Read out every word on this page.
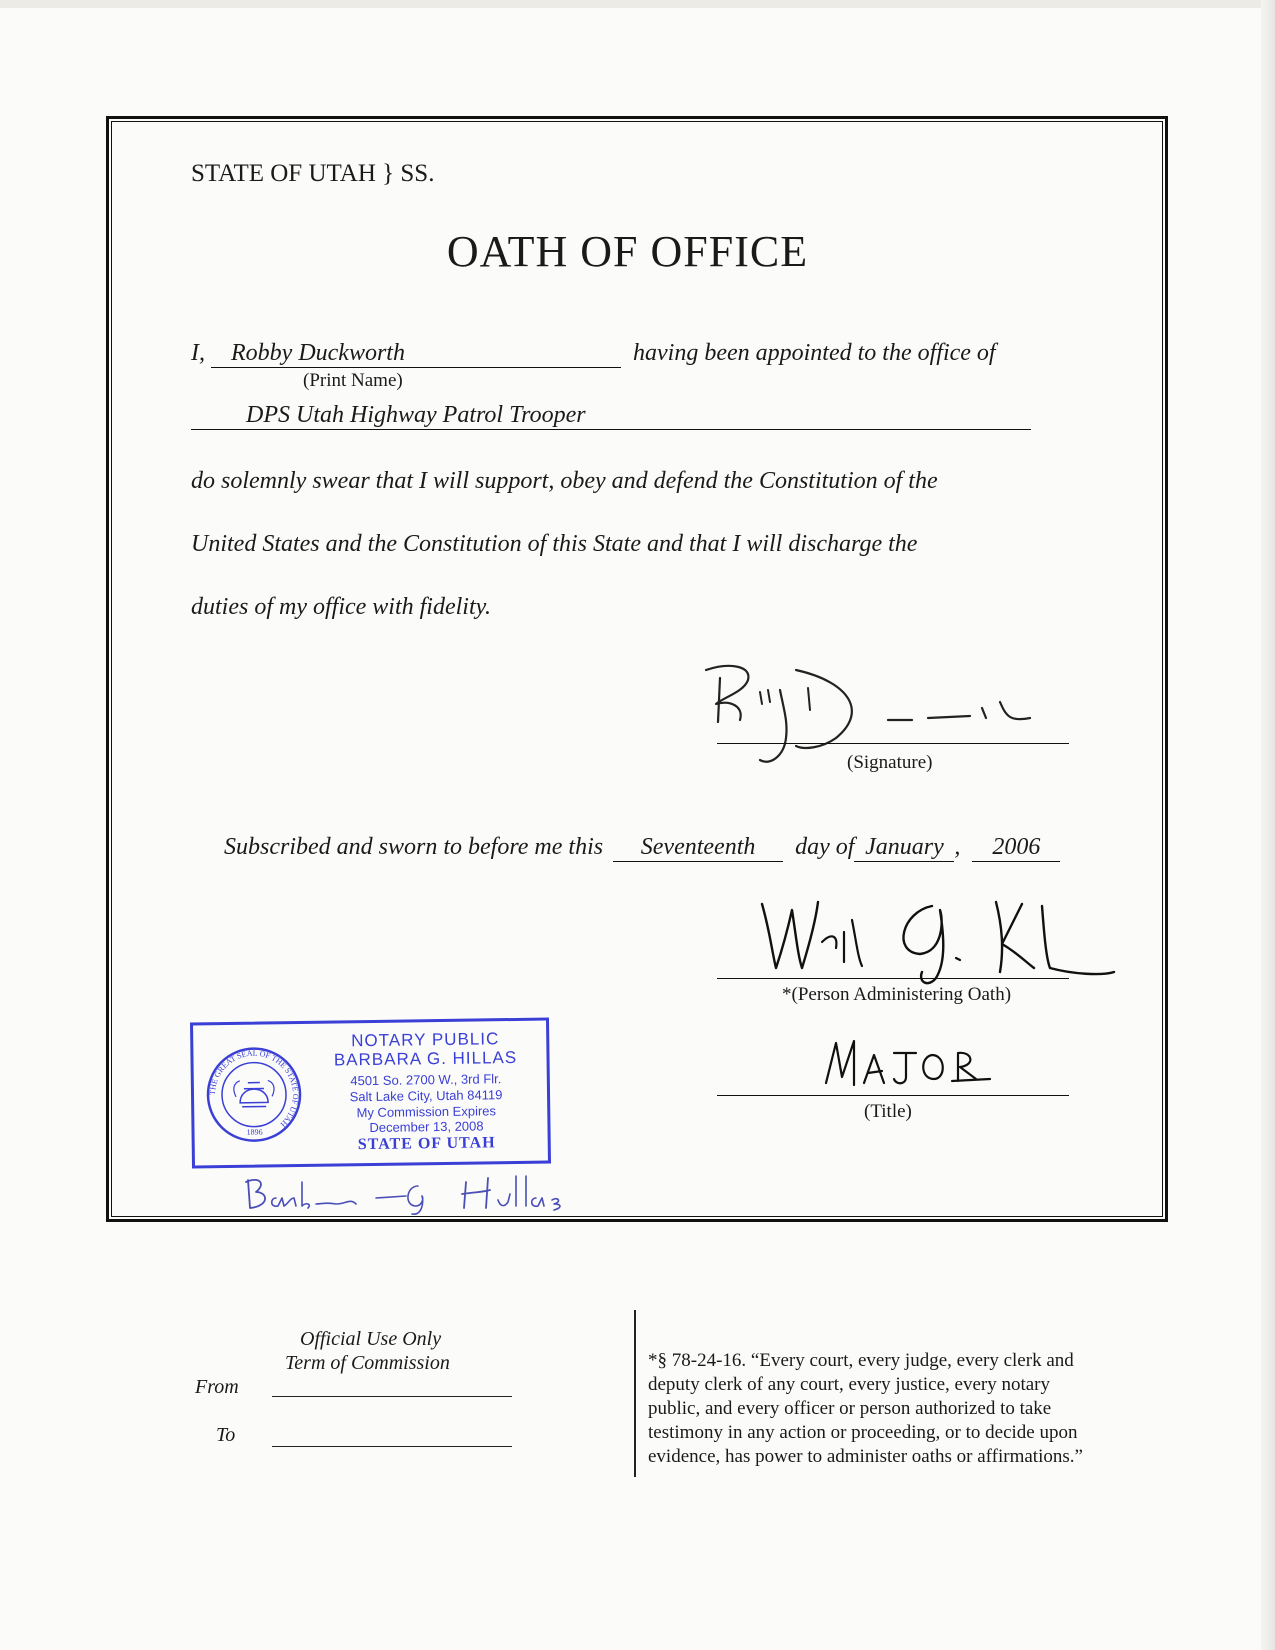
STATE OF UTAH } SS.
OATH OF OFFICE
I, Robby Duckworth	having been appointed to the office of
(Print Name)
DPS Utah Highway Patrol Trooper
do solemnly swear that I will support, obey and defend the Constitution of the
United States and the Constitution of this State and that I will discharge the
duties of my office with fidelity.
(Signature)
Subscribed and sworn to before me this Seventeenth day of January , 2006
*(Person Administering Oath)
(Title)
THE GREAT SEAL OF THE STATE OF UTAH
1896
NOTARY PUBLIC
BARBARA G. HILLAS
4501 So. 2700 W., 3rd Flr.
Salt Lake City, Utah 84119
My Commission Expires
December 13, 2008
STATE OF UTAH
Official Use Only
Term of Commission
From
To
*§ 78-24-16. “Every court, every judge, every clerk and
deputy clerk of any court, every justice, every notary
public, and every officer or person authorized to take
testimony in any action or proceeding, or to decide upon
evidence, has power to administer oaths or affirmations.”
